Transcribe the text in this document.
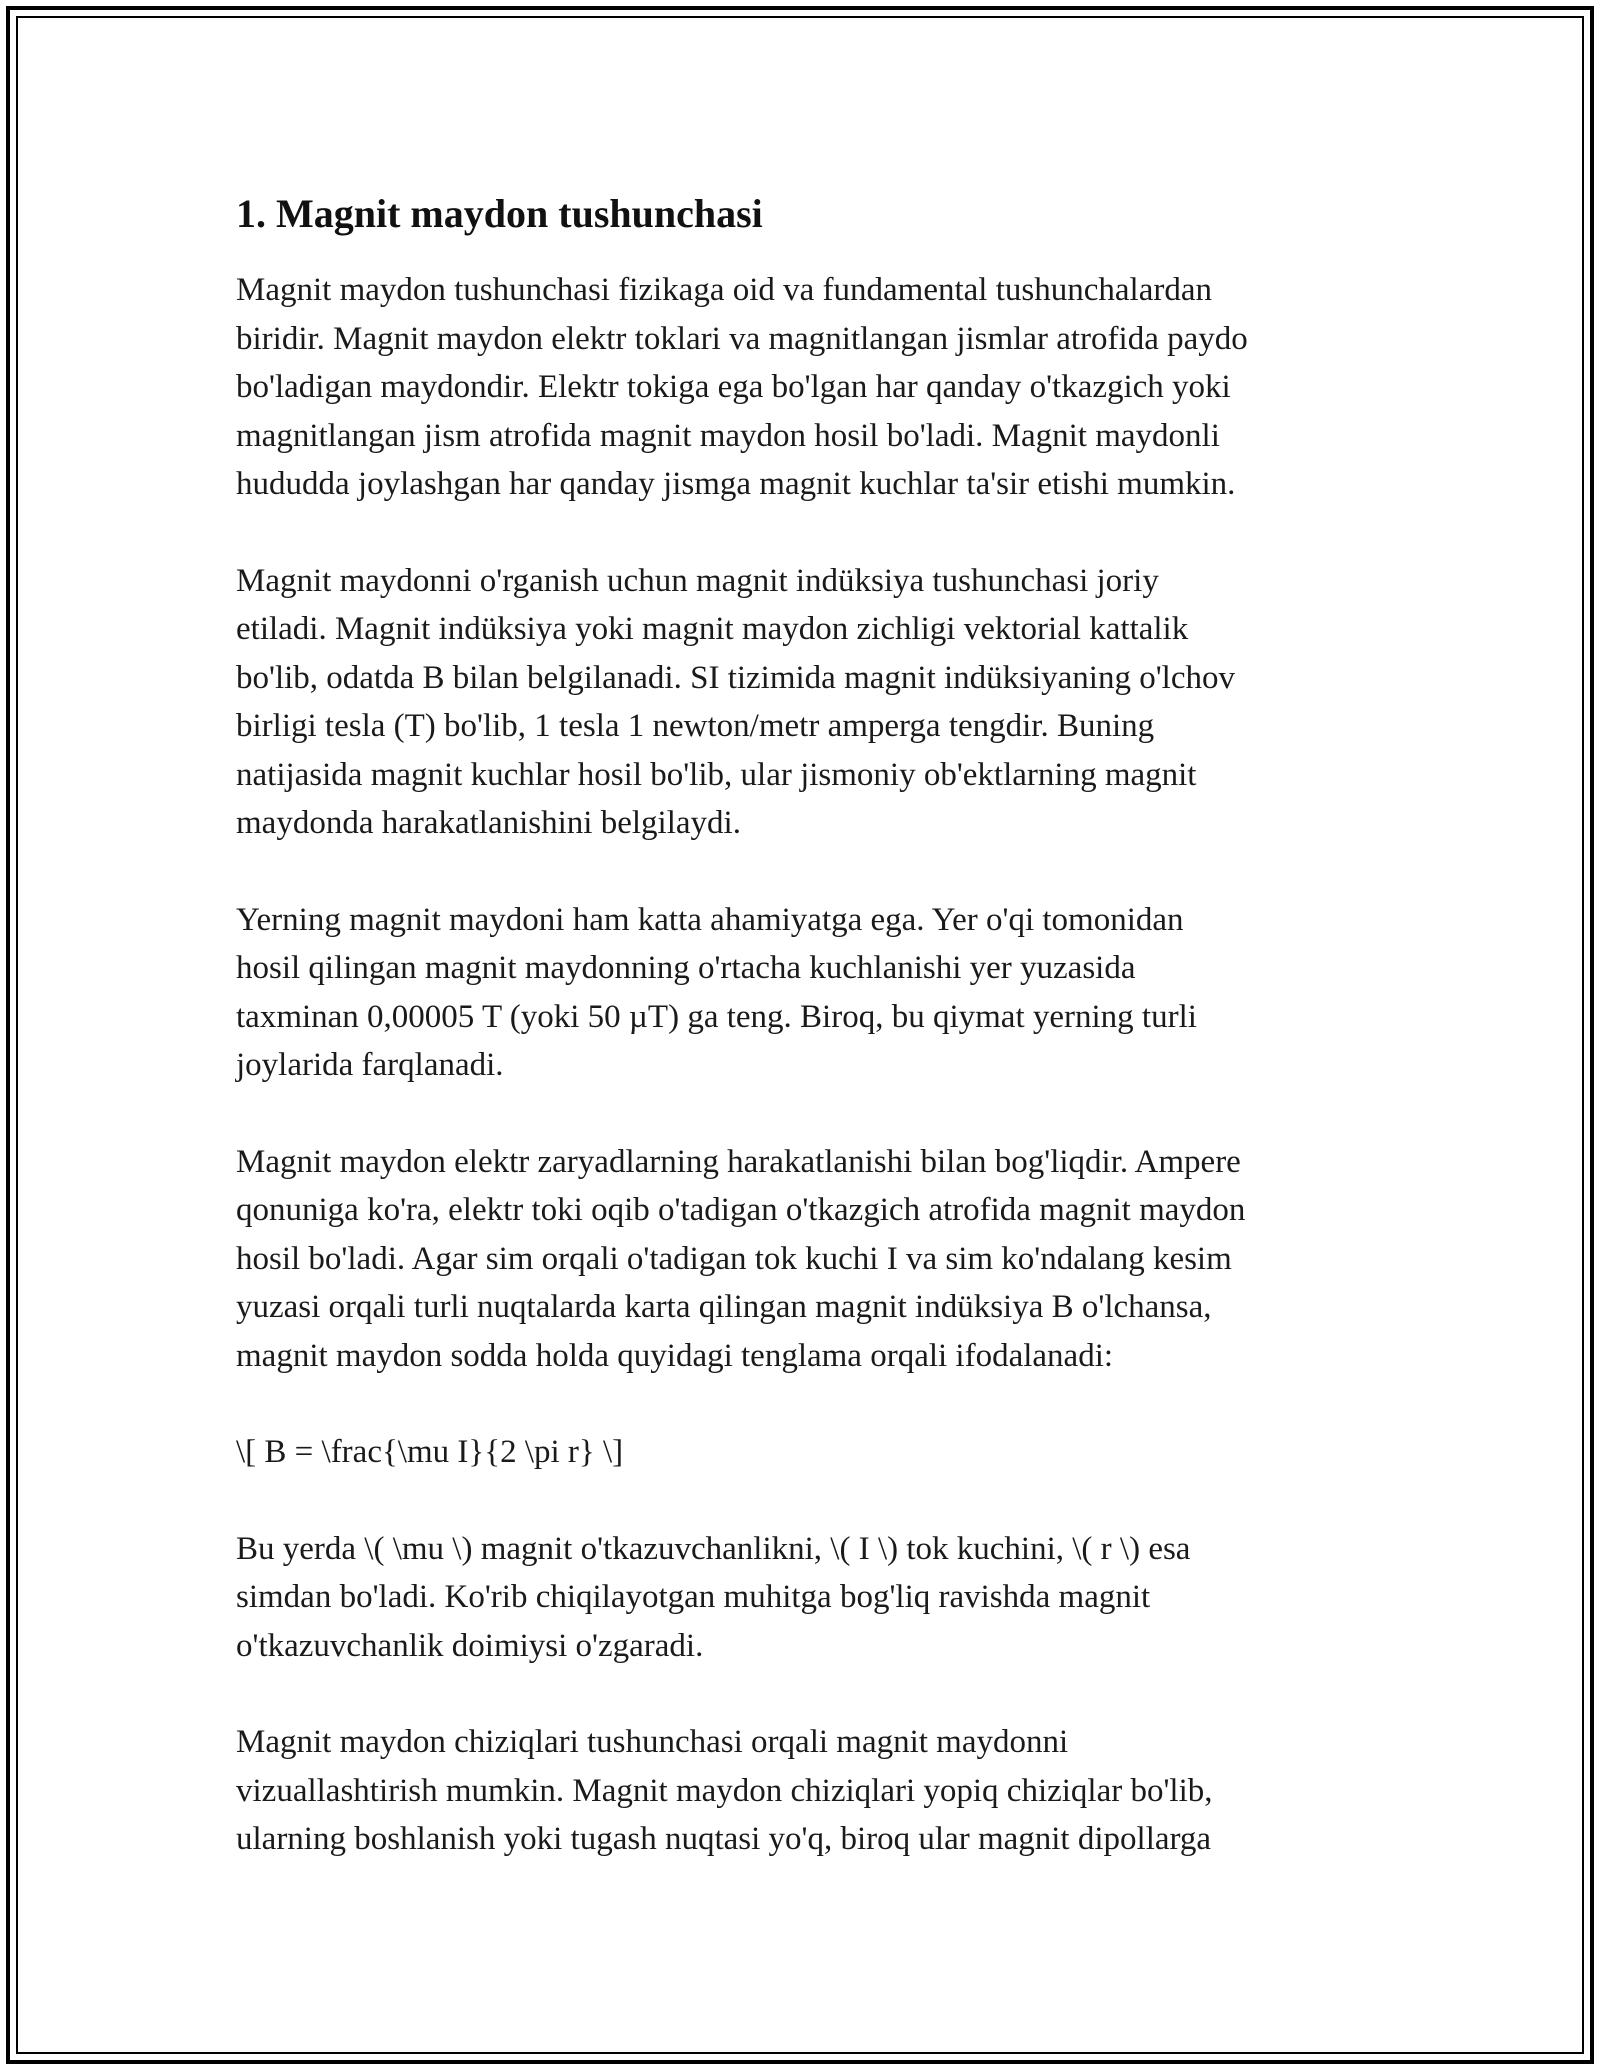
1. Magnit maydon tushunchasi
Magnit maydon tushunchasi fizikaga oid va fundamental tushunchalardan
biridir. Magnit maydon elektr toklari va magnitlangan jismlar atrofida paydo
bo'ladigan maydondir. Elektr tokiga ega bo'lgan har qanday o'tkazgich yoki
magnitlangan jism atrofida magnit maydon hosil bo'ladi. Magnit maydonli
hududda joylashgan har qanday jismga magnit kuchlar ta'sir etishi mumkin.
Magnit maydonni o'rganish uchun magnit indüksiya tushunchasi joriy
etiladi. Magnit indüksiya yoki magnit maydon zichligi vektorial kattalik
bo'lib, odatda B bilan belgilanadi. SI tizimida magnit indüksiyaning o'lchov
birligi tesla (T) bo'lib, 1 tesla 1 newton/metr amperga tengdir. Buning
natijasida magnit kuchlar hosil bo'lib, ular jismoniy ob'ektlarning magnit
maydonda harakatlanishini belgilaydi.
Yerning magnit maydoni ham katta ahamiyatga ega. Yer o'qi tomonidan
hosil qilingan magnit maydonning o'rtacha kuchlanishi yer yuzasida
taxminan 0,00005 T (yoki 50 µT) ga teng. Biroq, bu qiymat yerning turli
joylarida farqlanadi.
Magnit maydon elektr zaryadlarning harakatlanishi bilan bog'liqdir. Ampere
qonuniga ko'ra, elektr toki oqib o'tadigan o'tkazgich atrofida magnit maydon
hosil bo'ladi. Agar sim orqali o'tadigan tok kuchi I va sim ko'ndalang kesim
yuzasi orqali turli nuqtalarda karta qilingan magnit indüksiya B o'lchansa,
magnit maydon sodda holda quyidagi tenglama orqali ifodalanadi:
\[ B = \frac{\mu I}{2 \pi r} \]
Bu yerda \( \mu \) magnit o'tkazuvchanlikni, \( I \) tok kuchini, \( r \) esa
simdan bo'ladi. Ko'rib chiqilayotgan muhitga bog'liq ravishda magnit
o'tkazuvchanlik doimiysi o'zgaradi.
Magnit maydon chiziqlari tushunchasi orqali magnit maydonni
vizuallashtirish mumkin. Magnit maydon chiziqlari yopiq chiziqlar bo'lib,
ularning boshlanish yoki tugash nuqtasi yo'q, biroq ular magnit dipollarga
